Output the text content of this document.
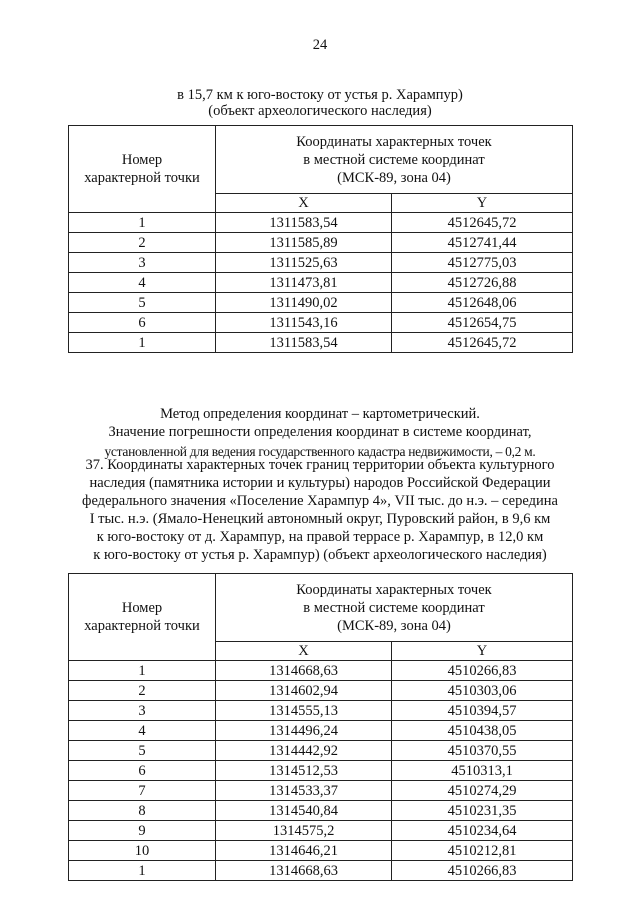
24
в 15,7 км к юго-востоку от устья р. Харампур)
(объект археологического наследия)
Номер
характерной точки	Координаты характерных точек
в местной системе координат
(МСК-89, зона 04)	
	X	Y
1	1311583,54	4512645,72
2	1311585,89	4512741,44
3	1311525,63	4512775,03
4	1311473,81	4512726,88
5	1311490,02	4512648,06
6	1311543,16	4512654,75
1	1311583,54	4512645,72
Метод определения координат – картометрический.
Значение погрешности определения координат в системе координат,
установленной для ведения государственного кадастра недвижимости, – 0,2 м.
37. Координаты характерных точек границ территории объекта культурного
наследия (памятника истории и культуры) народов Российской Федерации
федерального значения «Поселение Харампур 4», VII тыс. до н.э. – середина
I тыс. н.э. (Ямало-Ненецкий автономный округ, Пуровский район, в 9,6 км
к юго-востоку от д. Харампур, на правой террасе р. Харампур, в 12,0 км
к юго-востоку от устья р. Харампур) (объект археологического наследия)
Номер
характерной точки	Координаты характерных точек
в местной системе координат
(МСК-89, зона 04)	
	X	Y
1	1314668,63	4510266,83
2	1314602,94	4510303,06
3	1314555,13	4510394,57
4	1314496,24	4510438,05
5	1314442,92	4510370,55
6	1314512,53	4510313,1
7	1314533,37	4510274,29
8	1314540,84	4510231,35
9	1314575,2	4510234,64
10	1314646,21	4510212,81
1	1314668,63	4510266,83
